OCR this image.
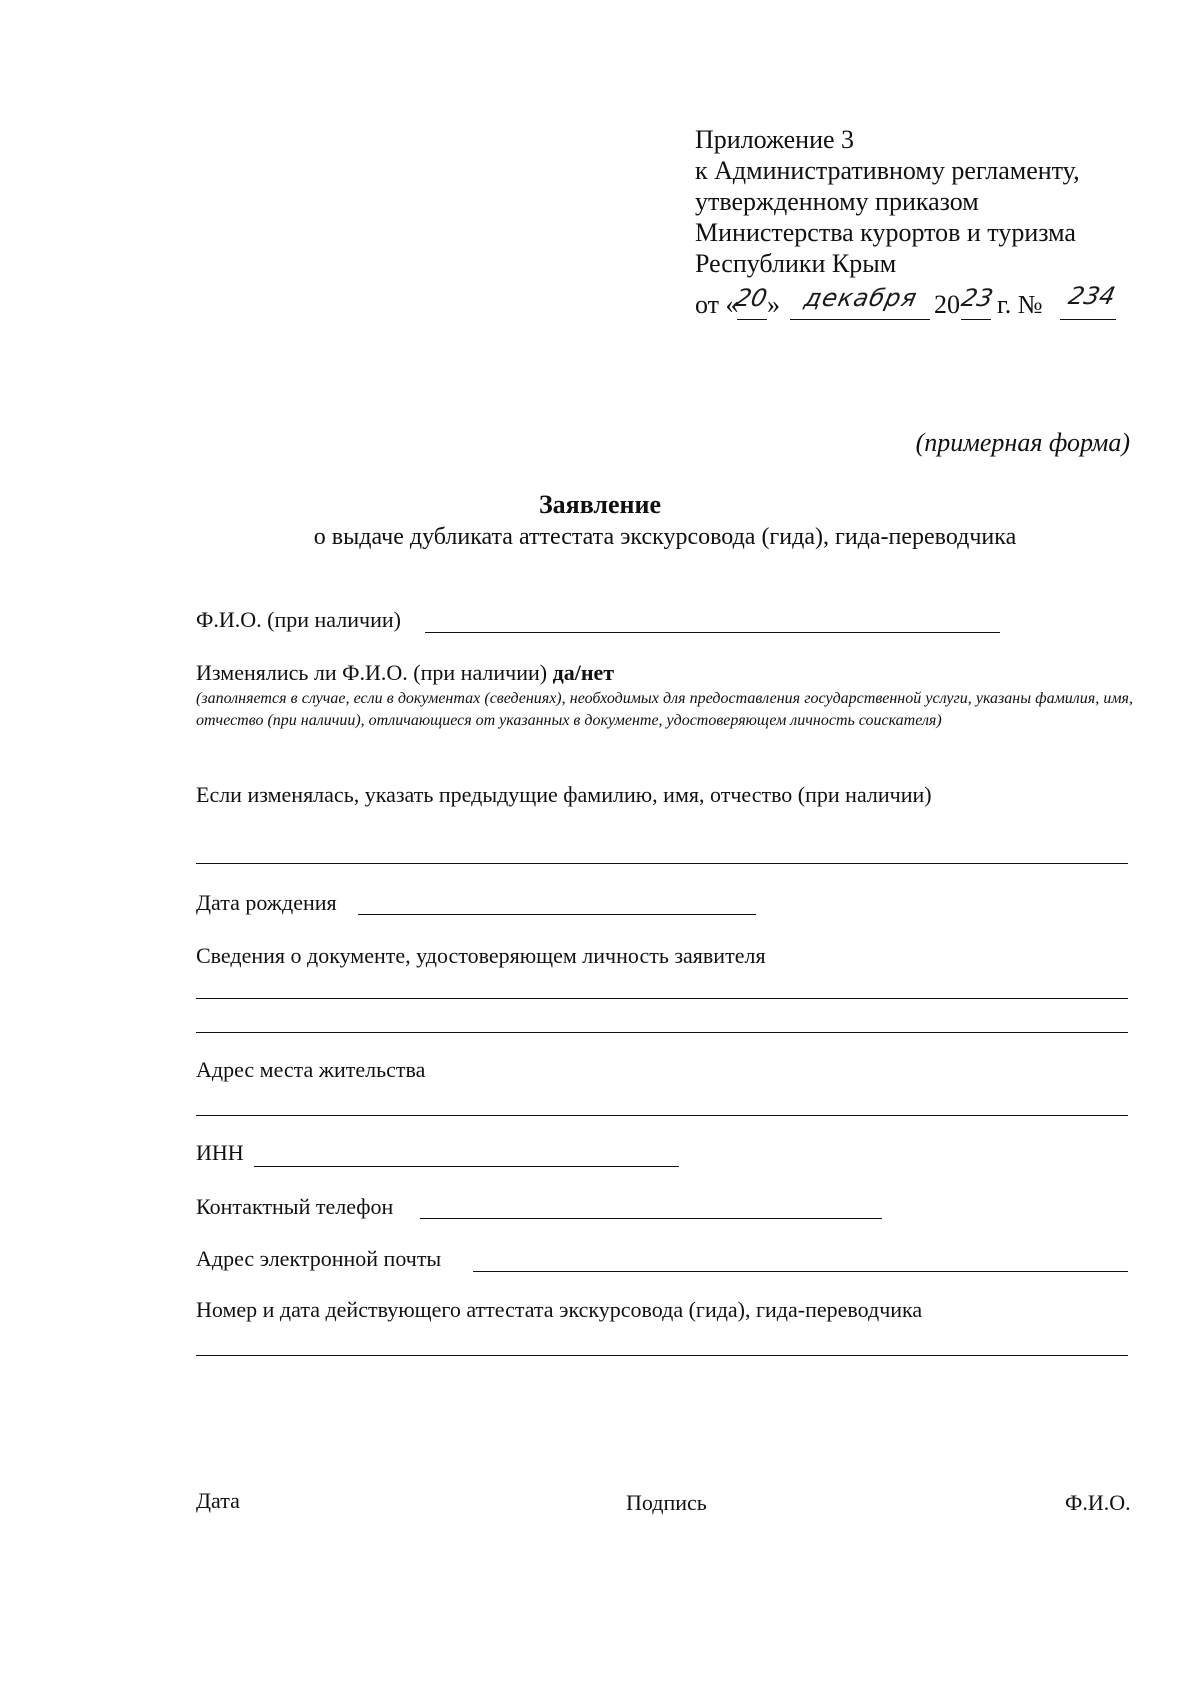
Приложение 3
к Административному регламенту,
утвержденному приказом
Министерства курортов и туризма
Республики Крым
от «
20
» декабря 20 23 г. № 234
(примерная форма)
Заявление
о выдаче дубликата аттестата экскурсовода (гида), гида-переводчика
Ф.И.О. (при наличии)
Изменялись ли Ф.И.О. (при наличии) да/нет
(заполняется в случае, если в документах (сведениях), необходимых для предоставления государственной услуги, указаны фамилия, имя, отчество (при наличии), отличающиеся от указанных в документе, удостоверяющем личность соискателя)
Если изменялась, указать предыдущие фамилию, имя, отчество (при наличии)
Дата рождения
Сведения о документе, удостоверяющем личность заявителя
Адрес места жительства
ИНН
Контактный телефон
Адрес электронной почты
Номер и дата действующего аттестата экскурсовода (гида), гида-переводчика
Дата	Подпись	Ф.И.О.
